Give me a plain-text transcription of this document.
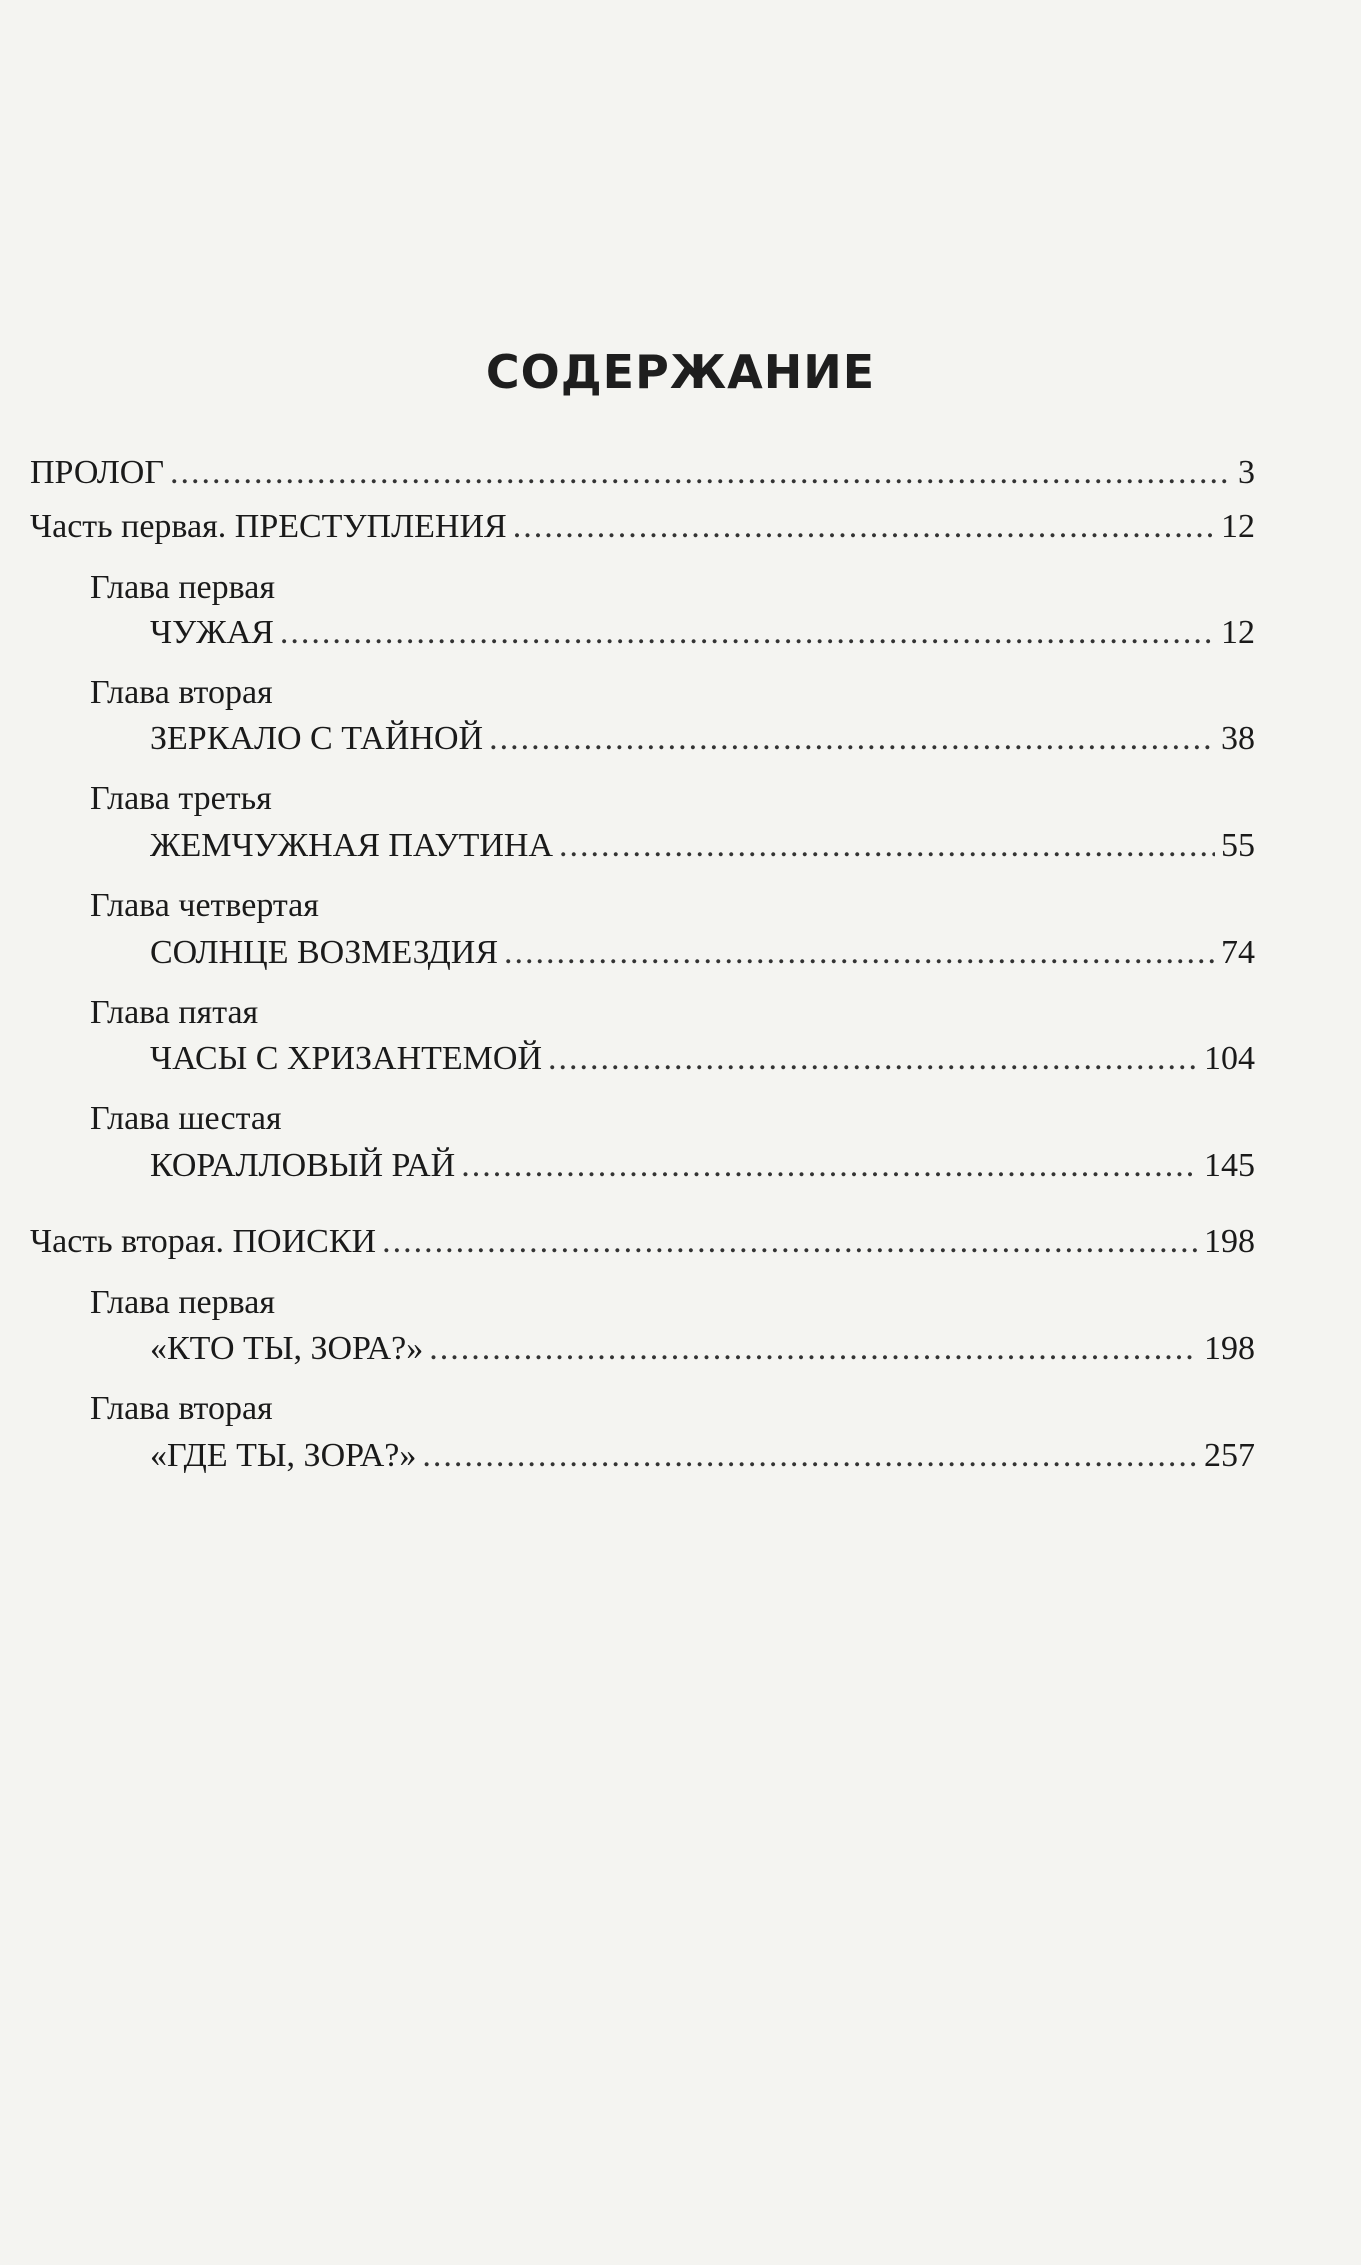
СОДЕРЖАНИЕ
ПРОЛОГ .....	3
Часть первая. ПРЕСТУПЛЕНИЯ .....	12
Глава первая
ЧУЖАЯ .....	12
Глава вторая
ЗЕРКАЛО С ТАЙНОЙ .....	38
Глава третья
ЖЕМЧУЖНАЯ ПАУТИНА .....	55
Глава четвертая
СОЛНЦЕ ВОЗМЕЗДИЯ .....	74
Глава пятая
ЧАСЫ С ХРИЗАНТЕМОЙ .....	104
Глава шестая
КОРАЛЛОВЫЙ РАЙ .....	145
Часть вторая. ПОИСКИ .....	198
Глава первая
«КТО ТЫ, ЗОРА?» .....	198
Глава вторая
«ГДЕ ТЫ, ЗОРА?» .....	257
